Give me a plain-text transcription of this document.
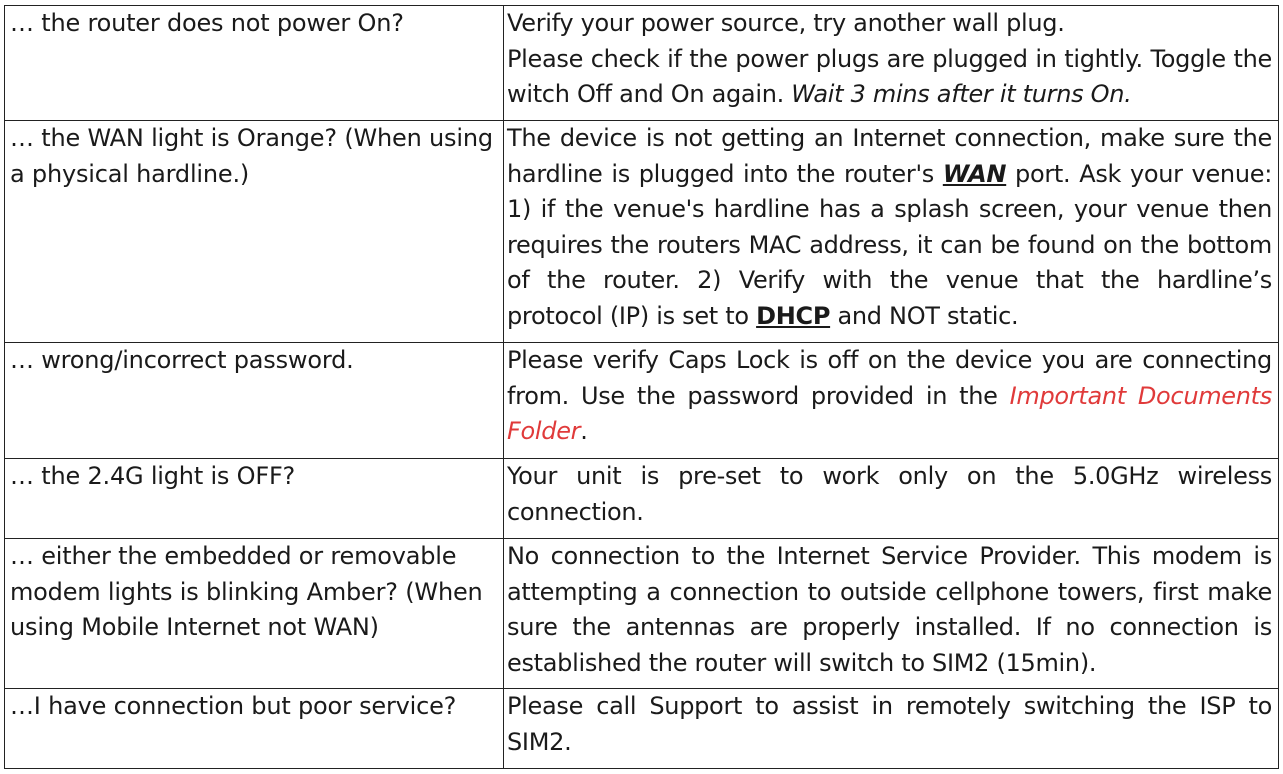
… the router does not power On?	Verify your power source, try another wall plug.
Please check if the power plugs are plugged in tightly. Toggle the witch Off and On again. Wait 3 mins after it turns On.
… the WAN light is Orange? (When using a physical hardline.)	The device is not getting an Internet connection, make sure the hardline is plugged into the router's WAN port. Ask your venue: 1) if the venue's hardline has a splash screen, your venue then requires the routers MAC address, it can be found on the bottom of the router. 2) Verify with the venue that the hardline’s protocol (IP) is set to DHCP and NOT static.
… wrong/incorrect password.	Please verify Caps Lock is off on the device you are connecting from. Use the password provided in the Important Documents Folder.
… the 2.4G light is OFF?	Your unit is pre-set to work only on the 5.0GHz wireless connection.
… either the embedded or removable modem lights is blinking Amber? (When using Mobile Internet not WAN)	No connection to the Internet Service Provider. This modem is attempting a connection to outside cellphone towers, first make sure the antennas are properly installed. If no connection is established the router will switch to SIM2 (15min).
…I have connection but poor service?	Please call Support to assist in remotely switching the ISP to SIM2.
